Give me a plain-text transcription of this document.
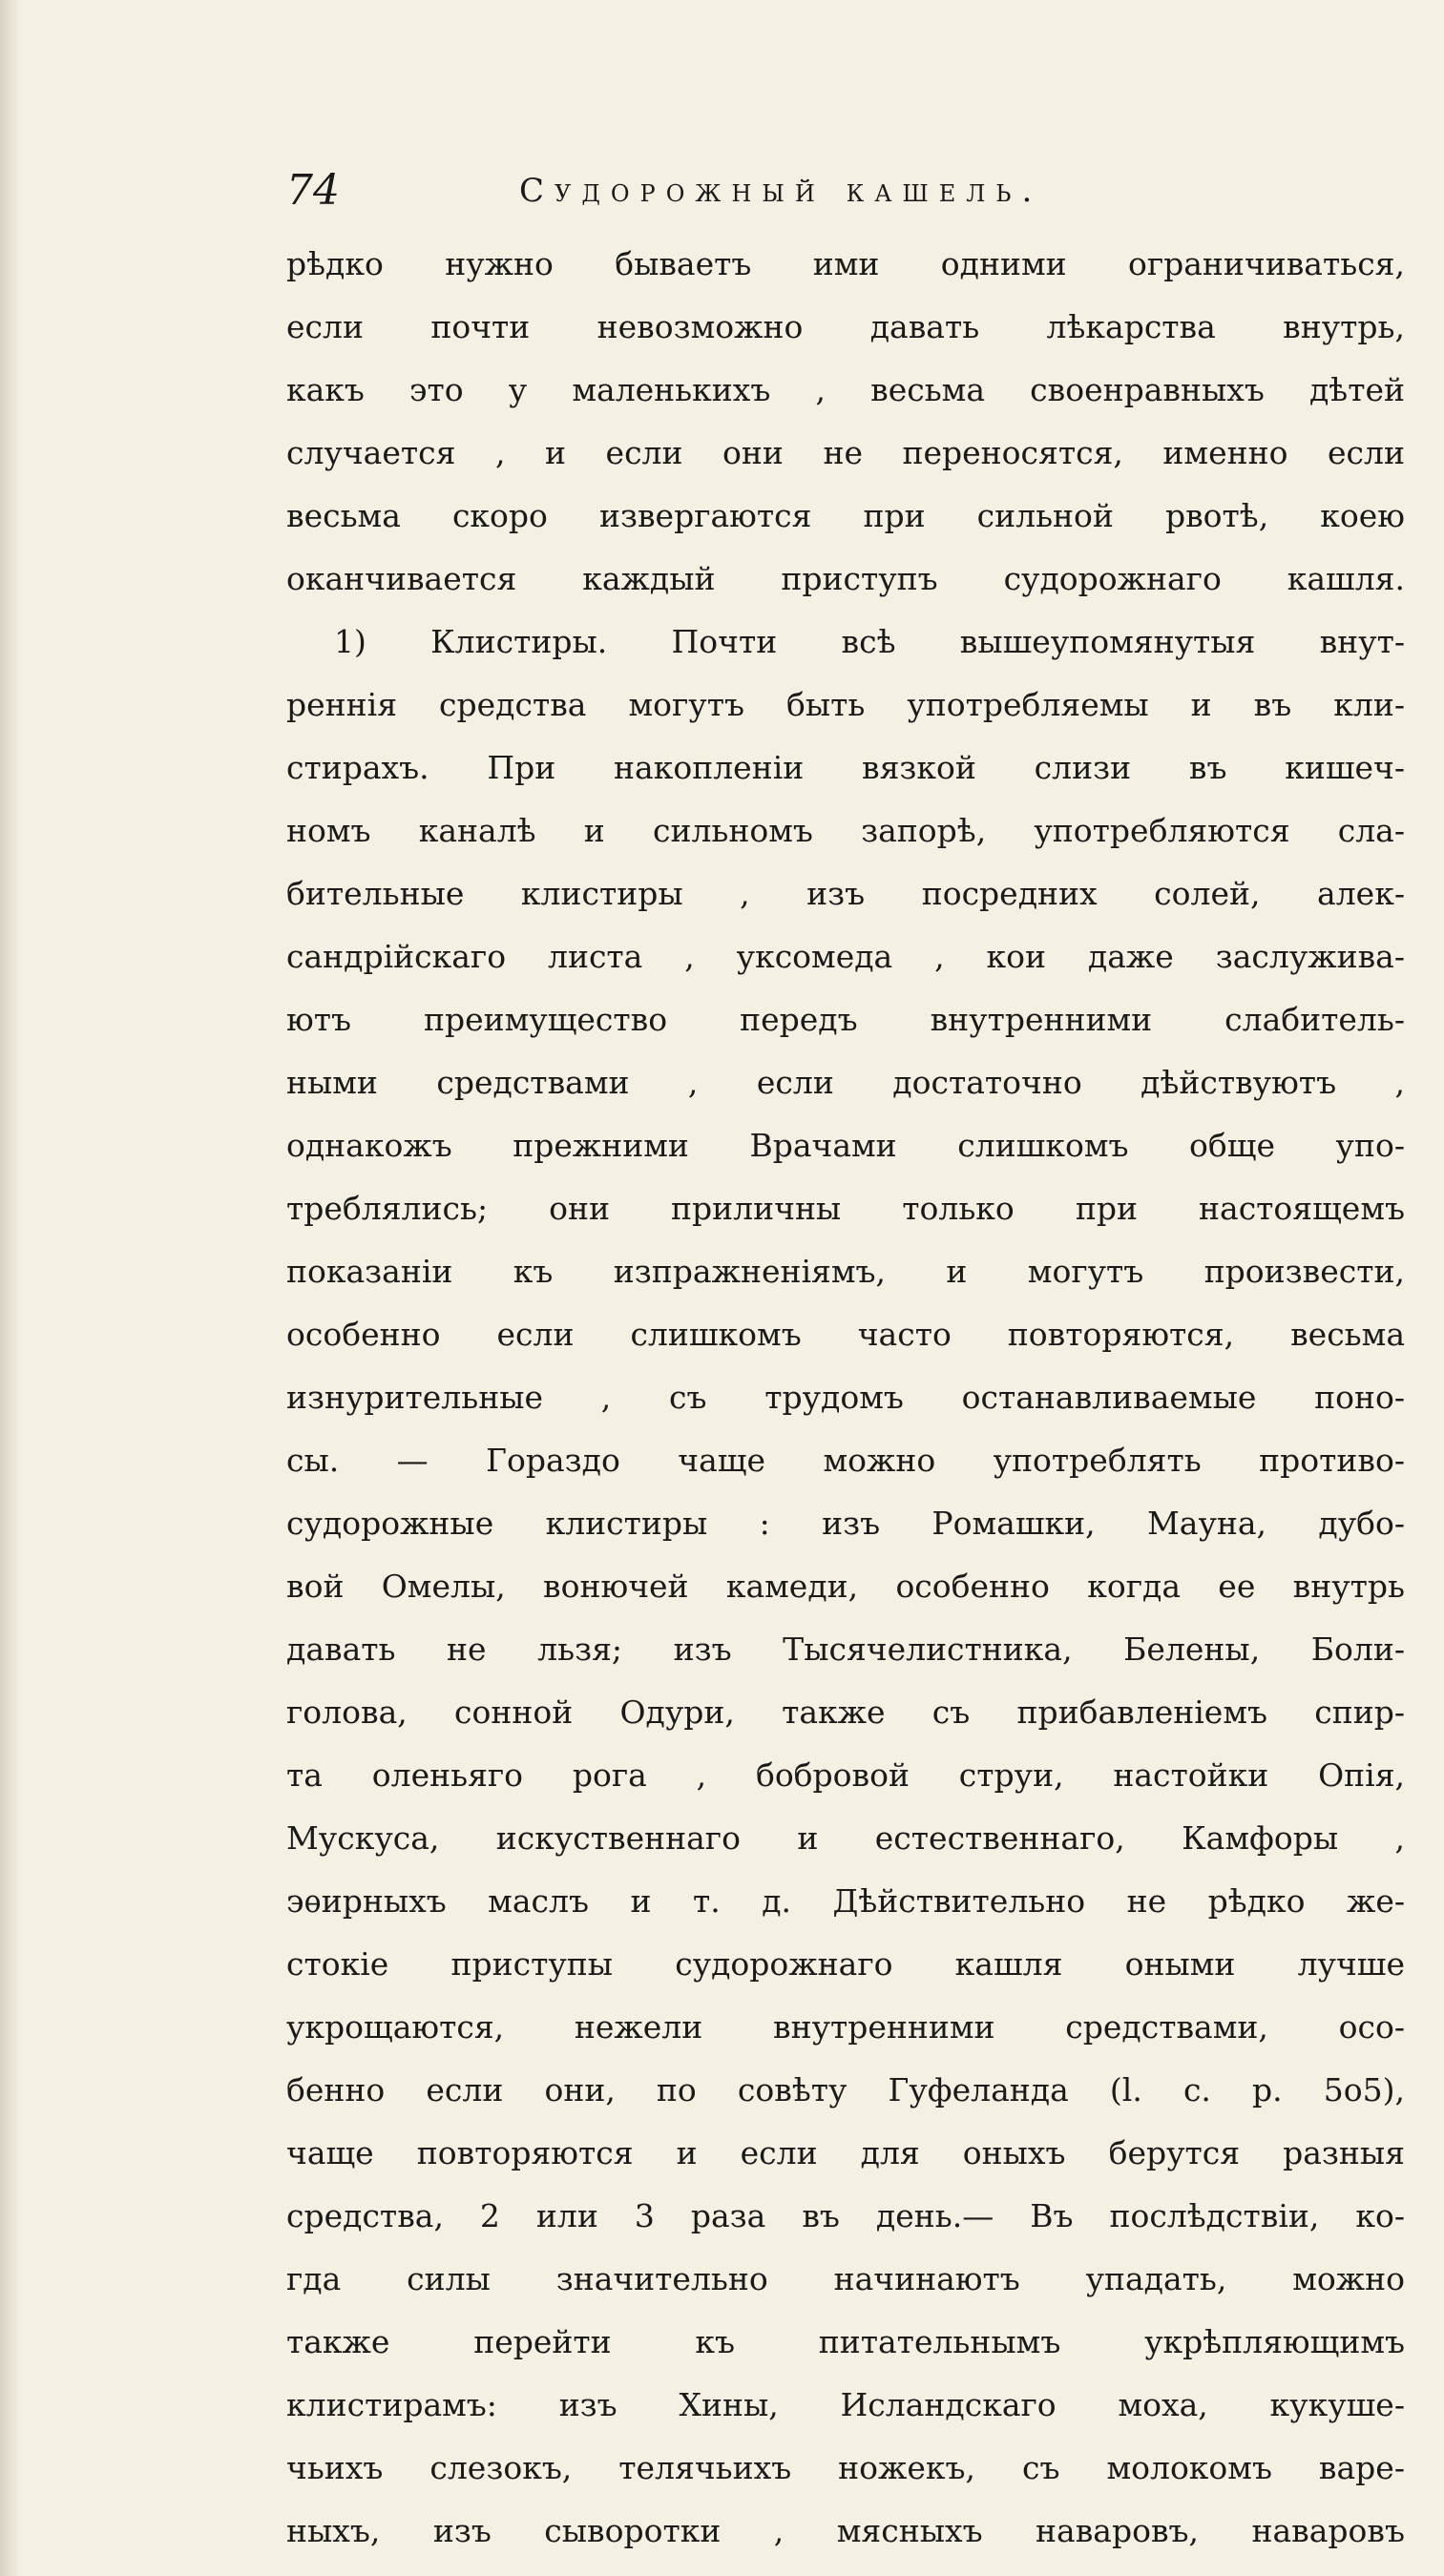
74	Судорожный кашель.
рѣдко нужно бываетъ ими одними ограничиваться,
если почти невозможно давать лѣкарства внутрь,
какъ это у маленькихъ , весьма своенравныхъ дѣтей
случается , и если они не переносятся, именно если
весьма скоро извергаются при сильной рвотѣ, коею
оканчивается каждый приступъ судорожнаго кашля.
1) Клистиры. Почти всѣ вышеупомянутыя внут-
реннія средства могутъ быть употребляемы и въ кли-
стирахъ. При накопленіи вязкой слизи въ кишеч-
номъ каналѣ и сильномъ запорѣ, употребляются сла-
бительные клистиры , изъ посредних солей, алек-
сандрійскаго листа , уксомеда , кои даже заслужива-
ютъ преимущество передъ внутренними слабитель-
ными средствами , если достаточно дѣйствуютъ ,
однакожъ прежними Врачами слишкомъ обще упо-
треблялись; они приличны только при настоящемъ
показаніи къ изпражненіямъ, и могутъ произвести,
особенно если слишкомъ часто повторяются, весьма
изнурительные , съ трудомъ останавливаемые поно-
сы. — Гораздо чаще можно употреблять противо-
судорожные клистиры : изъ Ромашки, Мауна, дубо-
вой Омелы, вонючей камеди, особенно когда ее внутрь
давать не льзя; изъ Тысячелистника, Белены, Боли-
голова, сонной Одури, также съ прибавленіемъ спир-
та оленьяго рога , бобровой струи, настойки Опія,
Мускуса, искуственнаго и естественнаго, Камфоры ,
эѳирныхъ маслъ и т. д. Дѣйствительно не рѣдко же-
стокіе приступы судорожнаго кашля оными лучше
укрощаются, нежели внутренними средствами, осо-
бенно если они, по совѣту Гуфеланда (l. c. p. 5o5),
чаще повторяются и если для оныхъ берутся разныя
средства, 2 или 3 раза въ день.— Въ послѣдствіи, ко-
гда силы значительно начинаютъ упадать, можно
также перейти къ питательнымъ укрѣпляющимъ
клистирамъ: изъ Хины, Исландскаго моха, кукуше-
чьихъ слезокъ, телячьихъ ножекъ, съ молокомъ варе-
ныхъ, изъ сыворотки , мясныхъ наваровъ, наваровъ
